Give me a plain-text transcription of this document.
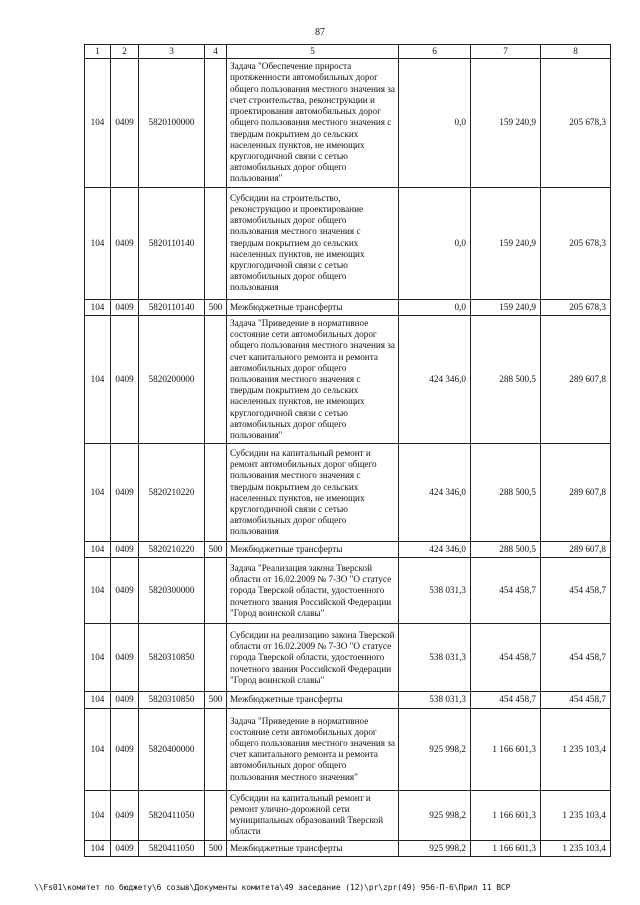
87
1	2	3	4	5	6	7	8
104	0409	5820100000		Задача "Обеспечение прироста протяженности автомобильных дорог общего пользования местного значения за счет строительства, реконструкции и проектирования автомобильных дорог общего пользования местного значения с твердым покрытием до сельских населенных пунктов, не имеющих круглогодичной связи с сетью автомобильных дорог общего пользования"	0,0	159 240,9	205 678,3
104	0409	5820110140		Субсидии на строительство, реконструкцию и проектирование автомобильных дорог общего пользования местного значения с твердым покрытием до сельских населенных пунктов, не имеющих круглогодичной связи с сетью автомобильных дорог общего пользования	0,0	159 240,9	205 678,3
104	0409	5820110140	500	Межбюджетные трансферты	0,0	159 240,9	205 678,3
104	0409	5820200000		Задача "Приведение в нормативное состояние сети автомобильных дорог общего пользования местного значения за счет капитального ремонта и ремонта автомобильных дорог общего пользования местного значения с твердым покрытием до сельских населенных пунктов, не имеющих круглогодичной связи с сетью автомобильных дорог общего пользования"	424 346,0	288 500,5	289 607,8
104	0409	5820210220		Субсидии на капитальный ремонт и ремонт автомобильных дорог общего пользования местного значения с твердым покрытием до сельских населенных пунктов, не имеющих круглогодичной связи с сетью автомобильных дорог общего пользования	424 346,0	288 500,5	289 607,8
104	0409	5820210220	500	Межбюджетные трансферты	424 346,0	288 500,5	289 607,8
104	0409	5820300000		Задача "Реализация закона Тверской области от 16.02.2009 № 7-ЗО "О статусе города Тверской области, удостоенного почетного звания Российской Федерации "Город воинской славы"	538 031,3	454 458,7	454 458,7
104	0409	5820310850		Субсидии на реализацию закона Тверской области от 16.02.2009 № 7-ЗО "О статусе города Тверской области, удостоенного почетного звания Российской Федерации "Город воинской славы"	538 031,3	454 458,7	454 458,7
104	0409	5820310850	500	Межбюджетные трансферты	538 031,3	454 458,7	454 458,7
104	0409	5820400000		Задача "Приведение в нормативное состояние сети автомобильных дорог общего пользования местного значения за счет капитального ремонта и ремонта автомобильных дорог общего пользования местного значения"	925 998,2	1 166 601,3	1 235 103,4
104	0409	5820411050		Субсидии на капитальный ремонт и ремонт улично-дорожной сети муниципальных образований Тверской области	925 998,2	1 166 601,3	1 235 103,4
104	0409	5820411050	500	Межбюджетные трансферты	925 998,2	1 166 601,3	1 235 103,4
\\Fs01\комитет по бюджету\6 созыв\Документы комитета\49 заседание (12)\pr\zpr(49) 956-П-6\Прил 11 ВСР
